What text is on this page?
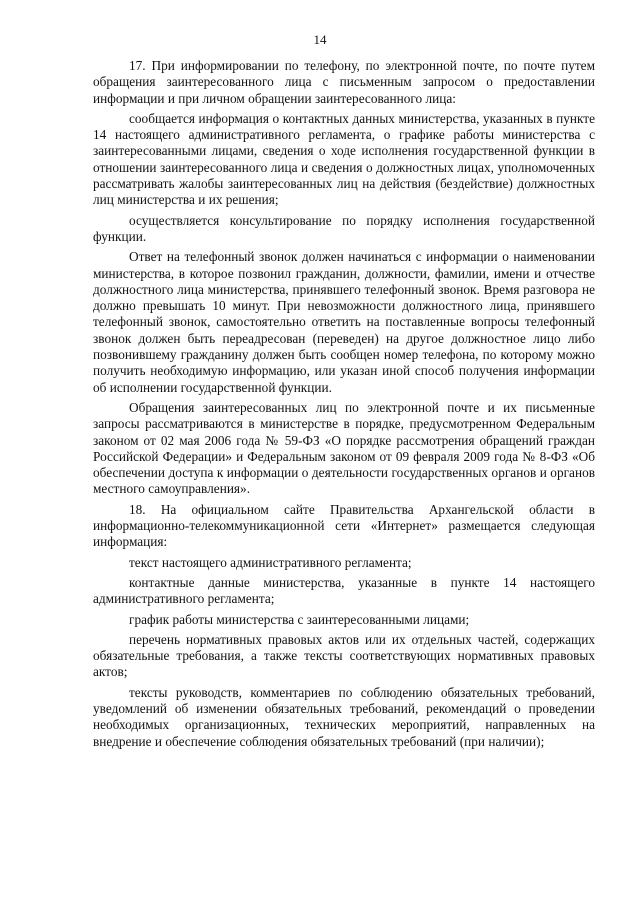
14

17. При информировании по телефону, по электронной почте, по почте путем обращения заинтересованного лица с письменным запросом о предоставлении информации и при личном обращении заинтересованного лица:

сообщается информация о контактных данных министерства, указанных в пункте 14 настоящего административного регламента, о графике работы министерства с заинтересованными лицами, сведения о ходе исполнения государственной функции в отношении заинтересованного лица и сведения о должностных лицах, уполномоченных рассматривать жалобы заинтересованных лиц на действия (бездействие) должностных лиц министерства и их решения;

осуществляется консультирование по порядку исполнения государственной функции.

Ответ на телефонный звонок должен начинаться с информации о наименовании министерства, в которое позвонил гражданин, должности, фамилии, имени и отчестве должностного лица министерства, принявшего телефонный звонок. Время разговора не должно превышать 10 минут. При невозможности должностного лица, принявшего телефонный звонок, самостоятельно ответить на поставленные вопросы телефонный звонок должен быть переадресован (переведен) на другое должностное лицо либо позвонившему гражданину должен быть сообщен номер телефона, по которому можно получить необходимую информацию, или указан иной способ получения информации об исполнении государственной функции.

Обращения заинтересованных лиц по электронной почте и их письменные запросы рассматриваются в министерстве в порядке, предусмотренном Федеральным законом от 02 мая 2006 года № 59-ФЗ «О порядке рассмотрения обращений граждан Российской Федерации» и Федеральным законом от 09 февраля 2009 года № 8-ФЗ «Об обеспечении доступа к информации о деятельности государственных органов и органов местного самоуправления».

18. На официальном сайте Правительства Архангельской области в информационно-телекоммуникационной сети «Интернет» размещается следующая информация:

текст настоящего административного регламента;

контактные данные министерства, указанные в пункте 14 настоящего административного регламента;

график работы министерства с заинтересованными лицами;

перечень нормативных правовых актов или их отдельных частей, содержащих обязательные требования, а также тексты соответствующих нормативных правовых актов;

тексты руководств, комментариев по соблюдению обязательных требований, уведомлений об изменении обязательных требований, рекомендаций о проведении необходимых организационных, технических мероприятий, направленных на внедрение и обеспечение соблюдения обязательных требований (при наличии);
